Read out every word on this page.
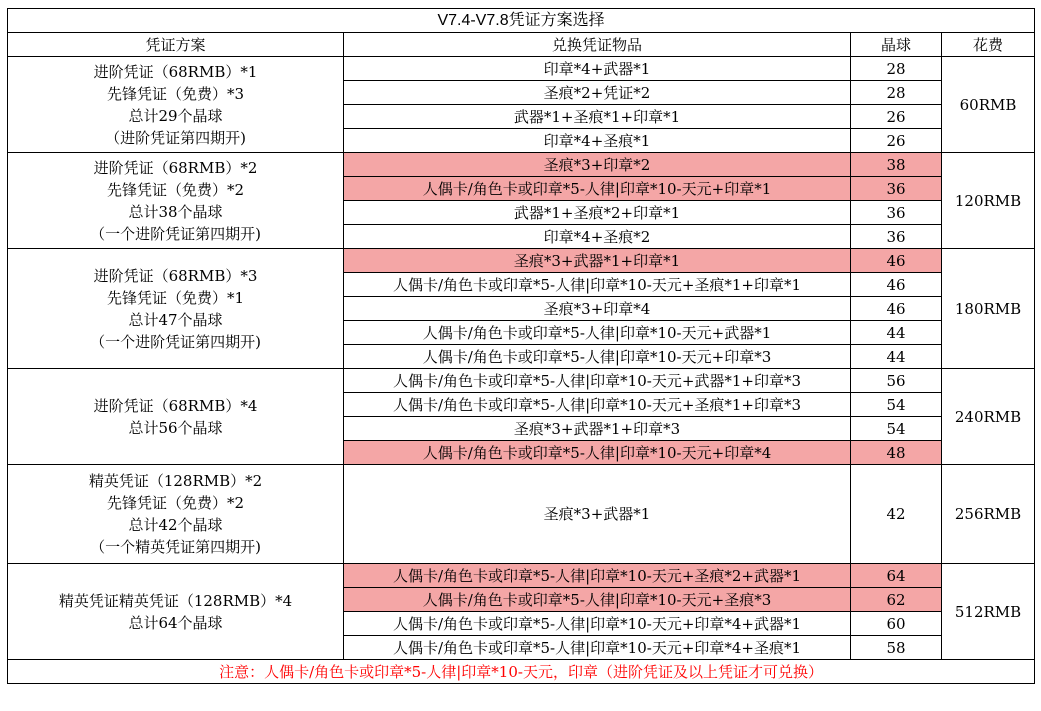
V7.4-V7.8凭证方案选择			
凭证方案	兑换凭证物品	晶球	花费

进阶凭证（68RMB）*1
先锋凭证（免费）*3
总计29个晶球
（进阶凭证第四期开)	印章*4+武器*1	28	60RMB
	圣痕*2+凭证*2	28	
	武器*1+圣痕*1+印章*1	26	
	印章*4+圣痕*1	26	

进阶凭证（68RMB）*2
先锋凭证（免费）*2
总计38个晶球
（一个进阶凭证第四期开)	圣痕*3+印章*2	38	120RMB
	人偶卡/角色卡或印章*5-人律|印章*10-天元+印章*1	36	
	武器*1+圣痕*2+印章*1	36	
	印章*4+圣痕*2	36	

进阶凭证（68RMB）*3
先锋凭证（免费）*1
总计47个晶球
（一个进阶凭证第四期开)	圣痕*3+武器*1+印章*1	46	180RMB
	人偶卡/角色卡或印章*5-人律|印章*10-天元+圣痕*1+印章*1	46	
	圣痕*3+印章*4	46	
	人偶卡/角色卡或印章*5-人律|印章*10-天元+武器*1	44	
	人偶卡/角色卡或印章*5-人律|印章*10-天元+印章*3	44	

进阶凭证（68RMB）*4
总计56个晶球	人偶卡/角色卡或印章*5-人律|印章*10-天元+武器*1+印章*3	56	240RMB
	人偶卡/角色卡或印章*5-人律|印章*10-天元+圣痕*1+印章*3	54	
	圣痕*3+武器*1+印章*3	54	
	人偶卡/角色卡或印章*5-人律|印章*10-天元+印章*4	48	

精英凭证（128RMB）*2
先锋凭证（免费）*2
总计42个晶球
（一个精英凭证第四期开)	圣痕*3+武器*1	42	256RMB

精英凭证精英凭证（128RMB）*4
总计64个晶球	人偶卡/角色卡或印章*5-人律|印章*10-天元+圣痕*2+武器*1	64	512RMB
	人偶卡/角色卡或印章*5-人律|印章*10-天元+圣痕*3	62	
	人偶卡/角色卡或印章*5-人律|印章*10-天元+印章*4+武器*1	60	
	人偶卡/角色卡或印章*5-人律|印章*10-天元+印章*4+圣痕*1	58	
注意：人偶卡/角色卡或印章*5-人律|印章*10-天元，印章（进阶凭证及以上凭证才可兑换）			
